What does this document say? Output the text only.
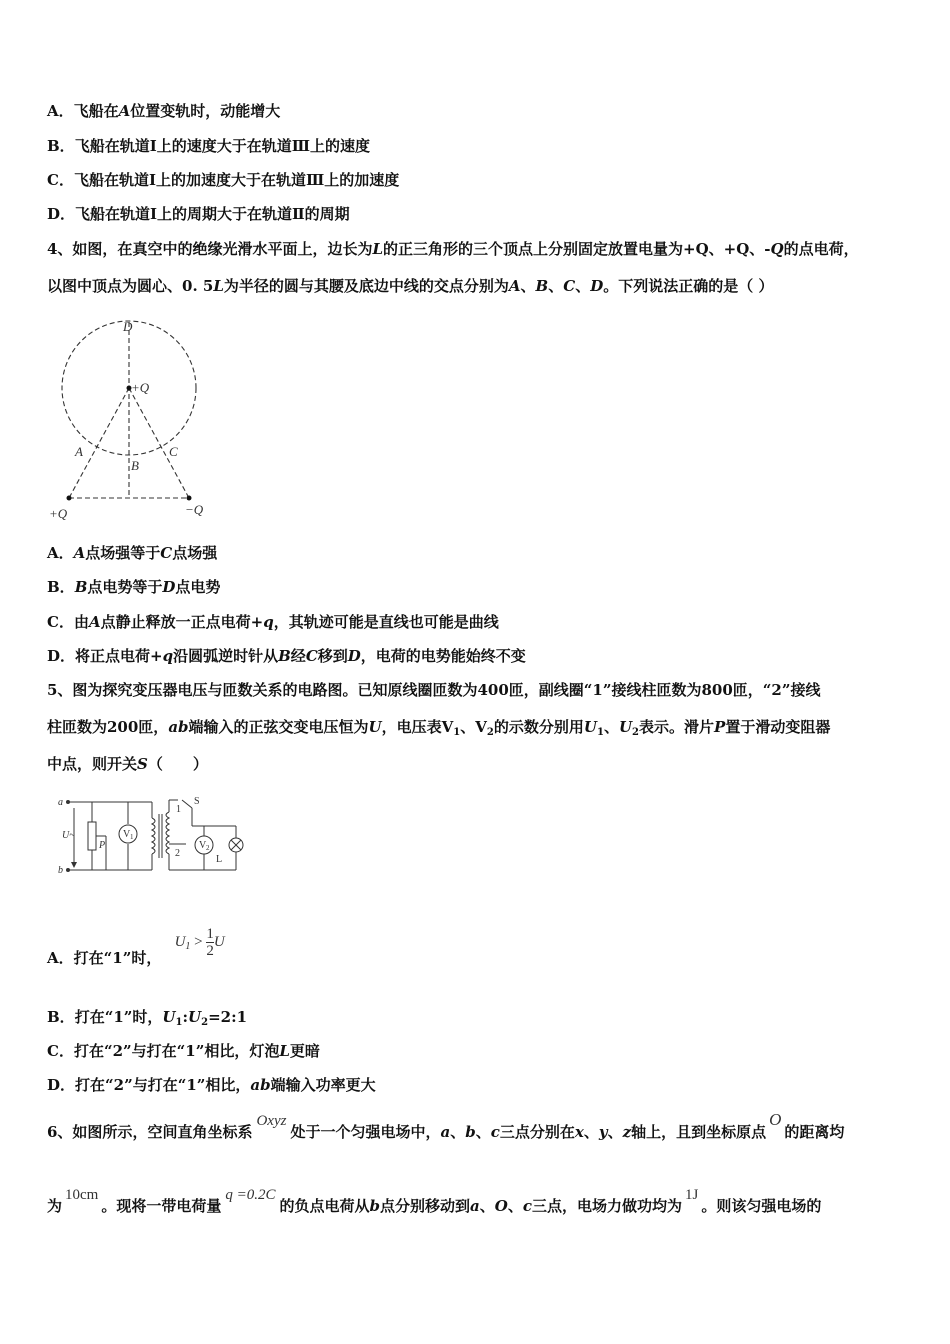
A．飞船在A位置变轨时，动能增大
B．飞船在轨道Ⅰ上的速度大于在轨道Ⅲ上的速度
C．飞船在轨道Ⅰ上的加速度大于在轨道Ⅲ上的加速度
D．飞船在轨道Ⅰ上的周期大于在轨道Ⅱ的周期
4、如图，在真空中的绝缘光滑水平面上，边长为L的正三角形的三个顶点上分别固定放置电量为+Q、+Q、-Q的点电荷，
以图中顶点为圆心、0. 5L为半径的圆与其腰及底边中线的交点分别为A、B、C、D。下列说法正确的是（ ）
D
+Q
A
B
C
+Q	−Q
A．A点场强等于C点场强
B．B点电势等于D点电势
C．由A点静止释放一正点电荷+q，其轨迹可能是直线也可能是曲线
D．将正点电荷+q沿圆弧逆时针从B经C移到D，电荷的电势能始终不变
5、图为探究变压器电压与匝数关系的电路图。已知原线圈匝数为400匝，副线圈“1”接线柱匝数为800匝，“2”接线
柱匝数为200匝，ab端输入的正弦交变电压恒为U，电压表$V_1$、$V_2$的示数分别用$U_1$、$U_2$表示。滑片P置于滑动变阻器
中点，则开关S（　　）
a
b
U~
P
V 1
1
2
S
V 2
L
A．打在“1”时， $U_1 > \frac{1}{2}$ U
B．打在“1”时，$U_1:U_2=2:1$
C．打在“2”与打在“1”相比，灯泡L更暗
D．打在“2”与打在“1”相比，ab端输入功率更大
6、如图所示，空间直角坐标系Oxyz处于一个匀强电场中，a、b、c三点分别在x、y、z轴上，且到坐标原点O的距离均
为10cm。现将一带电荷量q =0.2C的负点电荷从b点分别移动到a、O、c三点，电场力做功均为1J。则该匀强电场的
